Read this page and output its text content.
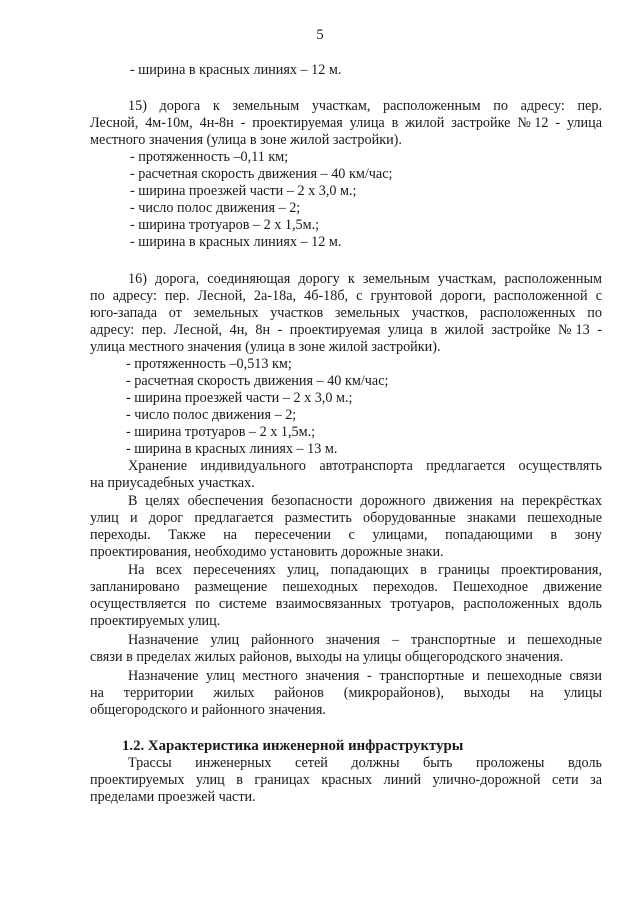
5
- ширина в красных линиях – 12 м.
15) дорога к земельным участкам, расположенным по адресу: пер.
Лесной, 4м-10м, 4н-8н - проектируемая улица в жилой застройке №12 - улица
местного значения (улица в зоне жилой застройки).
- протяженность –0,11 км;
- расчетная скорость движения – 40 км/час;
- ширина проезжей части – 2 х 3,0 м.;
- число полос движения – 2;
- ширина тротуаров – 2 х 1,5м.;
- ширина в красных линиях – 12 м.
16) дорога, соединяющая дорогу к земельным участкам, расположенным
по адресу: пер. Лесной, 2а-18а, 4б-18б, с грунтовой дороги, расположенной с
юго-запада от земельных участков земельных участков, расположенных по
адресу: пер. Лесной, 4н, 8н - проектируемая улица в жилой застройке №13 -
улица местного значения (улица в зоне жилой застройки).
- протяженность –0,513 км;
- расчетная скорость движения – 40 км/час;
- ширина проезжей части – 2 х 3,0 м.;
- число полос движения – 2;
- ширина тротуаров – 2 х 1,5м.;
- ширина в красных линиях – 13 м.
Хранение индивидуального автотранспорта предлагается осуществлять
на приусадебных участках.
В целях обеспечения безопасности дорожного движения на перекрёстках
улиц и дорог предлагается разместить оборудованные знаками пешеходные
переходы. Также на пересечении с улицами, попадающими в зону
проектирования, необходимо установить дорожные знаки.
На всех пересечениях улиц, попадающих в границы проектирования,
запланировано размещение пешеходных переходов. Пешеходное движение
осуществляется по системе взаимосвязанных тротуаров, расположенных вдоль
проектируемых улиц.
Назначение улиц районного значения – транспортные и пешеходные
связи в пределах жилых районов, выходы на улицы общегородского значения.
Назначение улиц местного значения - транспортные и пешеходные связи
на территории жилых районов (микрорайонов), выходы на улицы
общегородского и районного значения.
1.2. Характеристика инженерной инфраструктуры
Трассы инженерных сетей должны быть проложены вдоль
проектируемых улиц в границах красных линий улично-дорожной сети за
пределами проезжей части.
